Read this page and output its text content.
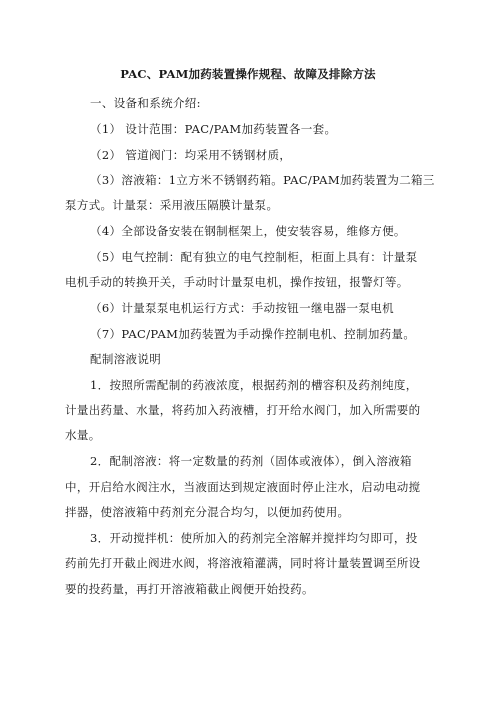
PAC、PAM加药装置操作规程、故障及排除方法
一、设备和系统介绍:
（1） 设计范围：PAC/PAM加药装置各一套。
（2） 管道阀门：均采用不锈钢材质，
（3）溶液箱：1立方米不锈钢药箱。PAC/PAM加药装置为二箱三
泵方式。计量泵：采用液压隔膜计量泵。
（4）全部设备安装在钢制框架上，使安装容易，维修方便。
（5）电气控制：配有独立的电气控制柜，柜面上具有：计量泵
电机手动的转换开关，手动时计量泵电机，操作按钮，报警灯等。
（6）计量泵泵电机运行方式：手动按钮一继电器一泵电机
（7）PAC/PAM加药装置为手动操作控制电机、控制加药量。
配制溶液说明
1．按照所需配制的药液浓度，根据药剂的槽容积及药剂纯度，
计量出药量、水量，将药加入药液槽，打开给水阀门，加入所需要的
水量。
2．配制溶液：将一定数量的药剂（固体或液体），倒入溶液箱
中，开启给水阀注水，当液面达到规定液面时停止注水，启动电动搅
拌器，使溶液箱中药剂充分混合均匀，以便加药使用。
3．开动搅拌机：使所加入的药剂完全溶解并搅拌均匀即可，投
药前先打开截止阀进水阀，将溶液箱灌满，同时将计量装置调至所设
要的投药量，再打开溶液箱截止阀便开始投药。
